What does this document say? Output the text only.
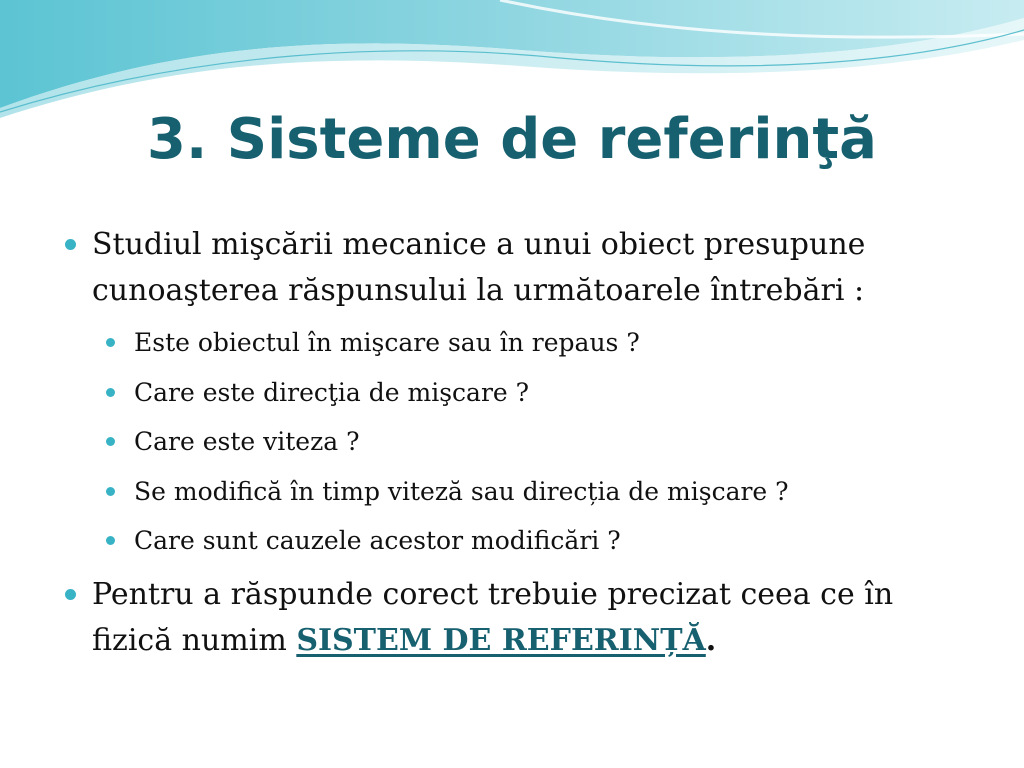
3. Sisteme de referinţă
Studiul mişcării mecanice a unui obiect presupune cunoaşterea răspunsului la următoarele întrebări :
Este obiectul în mişcare sau în repaus ?
Care este direcţia de mişcare ?
Care este viteza ?
Se modifică în timp viteză sau direcția de mişcare ?
Care sunt cauzele acestor modificări ?
Pentru a răspunde corect trebuie precizat ceea ce în fizică numim SISTEM DE REFERINȚĂ.
